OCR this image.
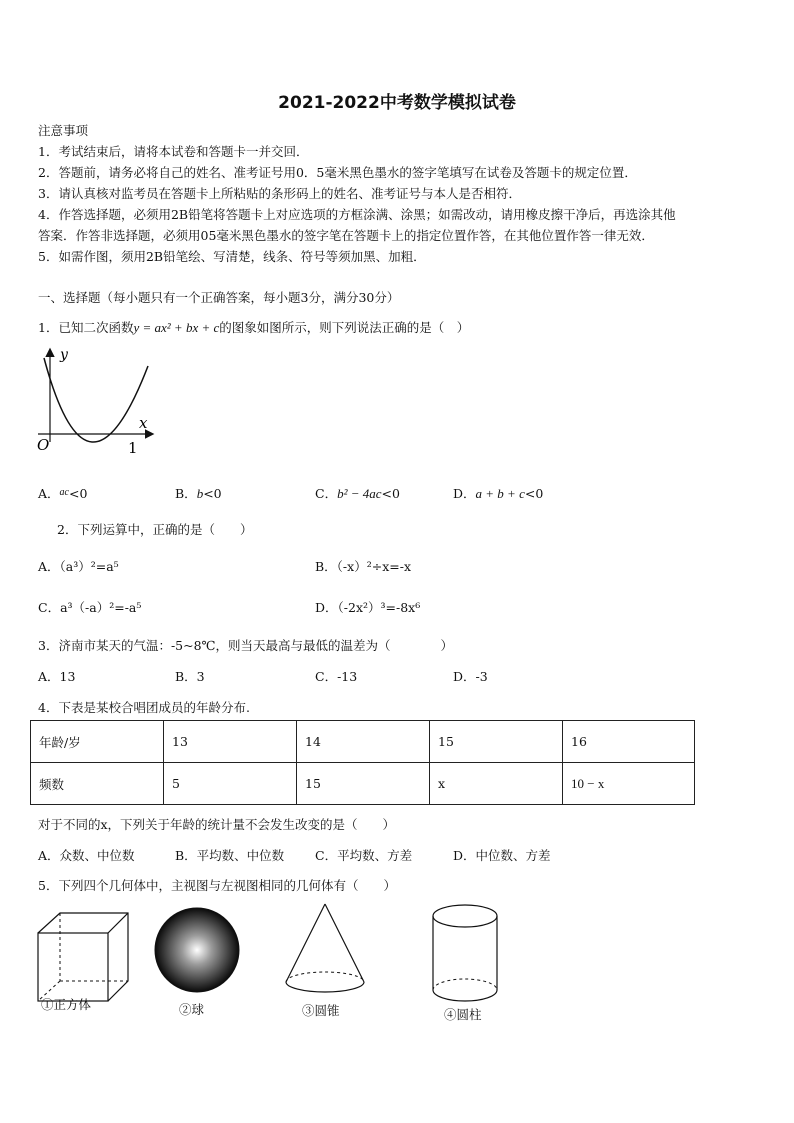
2021-2022中考数学模拟试卷
注意事项
1．考试结束后，请将本试卷和答题卡一并交回．
2．答题前，请务必将自己的姓名、准考证号用0．5毫米黑色墨水的签字笔填写在试卷及答题卡的规定位置．
3．请认真核对监考员在答题卡上所粘贴的条形码上的姓名、准考证号与本人是否相符．
4．作答选择题，必须用2B铅笔将答题卡上对应选项的方框涂满、涂黑；如需改动，请用橡皮擦干净后，再选涂其他
答案．作答非选择题，必须用05毫米黑色墨水的签字笔在答题卡上的指定位置作答，在其他位置作答一律无效．
5．如需作图，须用2B铅笔绘、写清楚，线条、符号等须加黑、加粗．
一、选择题（每小题只有一个正确答案，每小题3分，满分30分）
1．已知二次函数y = ax² + bx + c的图象如图所示，则下列说法正确的是（　）
y
x
O	1
A．$^{ac}$<0	B．b<0	C．b² − 4ac<0	D．a + b + c<0
2．下列运算中，正确的是（　　）
A．（a³）²=a⁵	B．（-x）²÷x=-x
C．a³（-a）²=-a⁵	D．（-2x²）³=-8x⁶
3．济南市某天的气温：-5~8℃，则当天最高与最低的温差为（　　　　）
A．13	B．3	C．-13	D．-3
4．下表是某校合唱团成员的年龄分布.
年龄/岁	13	14	15	16
频数	5	15	x	10 − x
对于不同的x，下列关于年龄的统计量不会发生改变的是（　　）
A．众数、中位数	B．平均数、中位数 C．平均数、方差	D．中位数、方差
5．下列四个几何体中，主视图与左视图相同的几何体有（　　）
①正方体	②球	③圆锥	④圆柱
